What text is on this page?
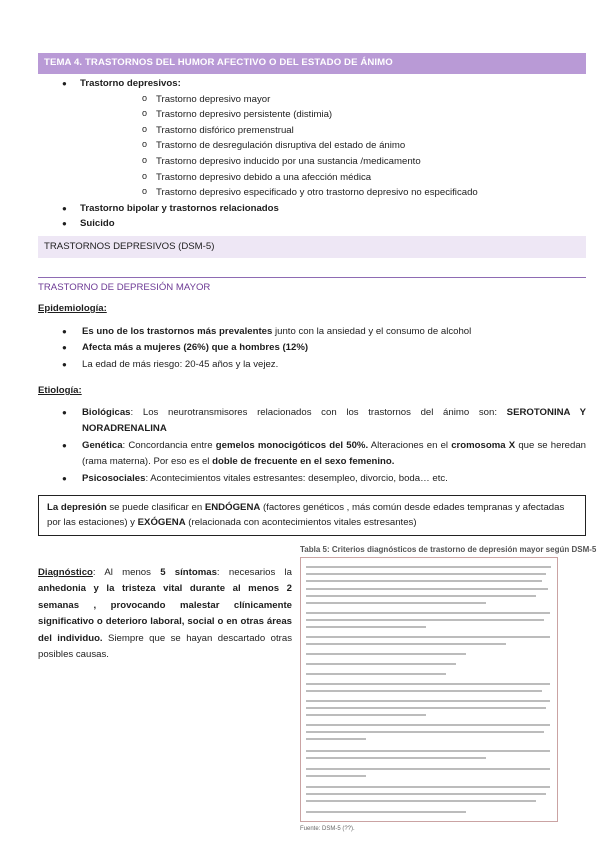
TEMA 4. TRASTORNOS DEL HUMOR AFECTIVO O DEL ESTADO DE ÁNIMO
● Trastorno depresivos:
o Trastorno depresivo mayor
o Trastorno depresivo persistente (distimia)
o Trastorno disfórico premenstrual
o Trastorno de desregulación disruptiva del estado de ánimo
o Trastorno depresivo inducido por una sustancia /medicamento
o Trastorno depresivo debido a una afección médica
o Trastorno depresivo especificado y otro trastorno depresivo no especificado
● Trastorno bipolar y trastornos relacionados
● Suicido
TRASTORNOS DEPRESIVOS (DSM-5)
TRASTORNO DE DEPRESIÓN MAYOR
Epidemiología:
● Es uno de los trastornos más prevalentes junto con la ansiedad y el consumo de alcohol
● Afecta más a mujeres (26%) que a hombres (12%)
● La edad de más riesgo: 20-45 años y la vejez.
Etiología:
● Biológicas: Los neurotransmisores relacionados con los trastornos del ánimo son: SEROTONINA Y NORADRENALINA
● Genética: Concordancia entre gemelos monocigóticos del 50%. Alteraciones en el cromosoma X que se heredan (rama materna). Por eso es el doble de frecuente en el sexo femenino.
● Psicosociales: Acontecimientos vitales estresantes: desempleo, divorcio, boda… etc.
La depresión se puede clasificar en ENDÓGENA (factores genéticos , más común desde edades tempranas y afectadas por las estaciones) y EXÓGENA (relacionada con acontecimientos vitales estresantes)
Diagnóstico: Al menos 5 síntomas: necesarios la anhedonia y la tristeza vital durante al menos 2 semanas , provocando malestar clínicamente significativo o deterioro laboral, social o en otras áreas del individuo. Siempre que se hayan descartado otras posibles causas.
Tabla 5: Criterios diagnósticos de trastorno de depresión mayor según DSM-5
Fuente: DSM-5 (??).
